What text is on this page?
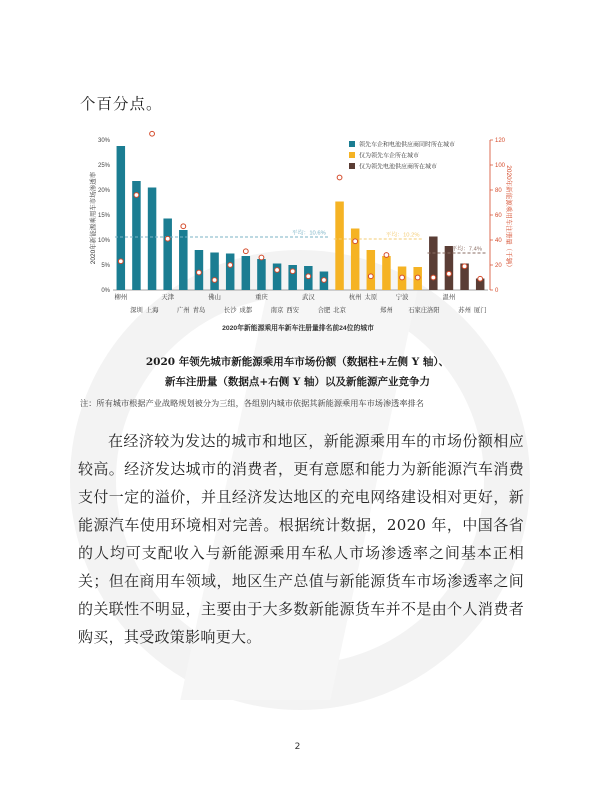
个百分点。
0%
5%
10%
15%
20%
25%
30%
0
20
40
60
80
100
120
平均：10.6%	平均：10.2%
平均：7.4%
柳州
深圳 上海
天津
广州 青岛
佛山
长沙 成都
重庆
南京 西安
武汉
合肥 北京
杭州 太原
郑州
宁波
石家庄 洛阳
温州
苏州 厦门
领先车企和电池供应商同时所在城市
仅为领先车企所在城市
仅为领先电池供应商所在城市
2020年新能源乘用车市场渗透率	2020年新能源乘用车注册量（千辆）
2020年新能源乘用车新车注册量排名前24位的城市
2020 年领先城市新能源乘用车市场份额（数据柱+左侧 Y 轴）、
新车注册量（数据点+右侧 Y 轴）以及新能源产业竞争力
注：所有城市根据产业战略规划被分为三组，各组别内城市依据其新能源乘用车市场渗透率排名
在经济较为发达的城市和地区，新能源乘用车的市场份额相应较高。经济发达城市的消费者，更有意愿和能力为新能源汽车消费支付一定的溢价，并且经济发达地区的充电网络建设相对更好，新能源汽车使用环境相对完善。根据统计数据，2020 年，中国各省的人均可支配收入与新能源乘用车私人市场渗透率之间基本正相关；但在商用车领域，地区生产总值与新能源货车市场渗透率之间的关联性不明显，主要由于大多数新能源货车并不是由个人消费者购买，其受政策影响更大。
2
